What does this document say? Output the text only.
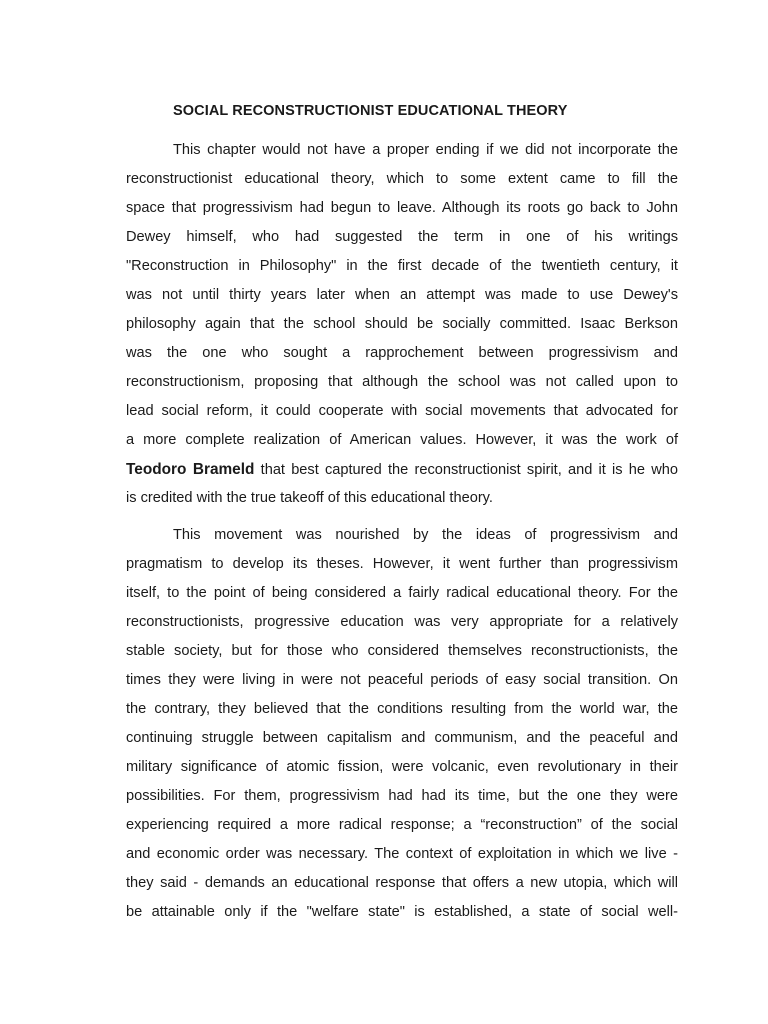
SOCIAL RECONSTRUCTIONIST EDUCATIONAL THEORY
This chapter would not have a proper ending if we did not incorporate the
reconstructionist educational theory, which to some extent came to fill the
space that progressivism had begun to leave. Although its roots go back to John
Dewey himself, who had suggested the term in one of his writings
"Reconstruction in Philosophy" in the first decade of the twentieth century, it
was not until thirty years later when an attempt was made to use Dewey's
philosophy again that the school should be socially committed. Isaac Berkson
was the one who sought a rapprochement between progressivism and
reconstructionism, proposing that although the school was not called upon to
lead social reform, it could cooperate with social movements that advocated for
a more complete realization of American values. However, it was the work of
Teodoro Brameld that best captured the reconstructionist spirit, and it is he who
is credited with the true takeoff of this educational theory.
This movement was nourished by the ideas of progressivism and
pragmatism to develop its theses. However, it went further than progressivism
itself, to the point of being considered a fairly radical educational theory. For the
reconstructionists, progressive education was very appropriate for a relatively
stable society, but for those who considered themselves reconstructionists, the
times they were living in were not peaceful periods of easy social transition. On
the contrary, they believed that the conditions resulting from the world war, the
continuing struggle between capitalism and communism, and the peaceful and
military significance of atomic fission, were volcanic, even revolutionary in their
possibilities. For them, progressivism had had its time, but the one they were
experiencing required a more radical response; a “reconstruction” of the social
and economic order was necessary. The context of exploitation in which we live -
they said - demands an educational response that offers a new utopia, which will
be attainable only if the "welfare state" is established, a state of social well-
